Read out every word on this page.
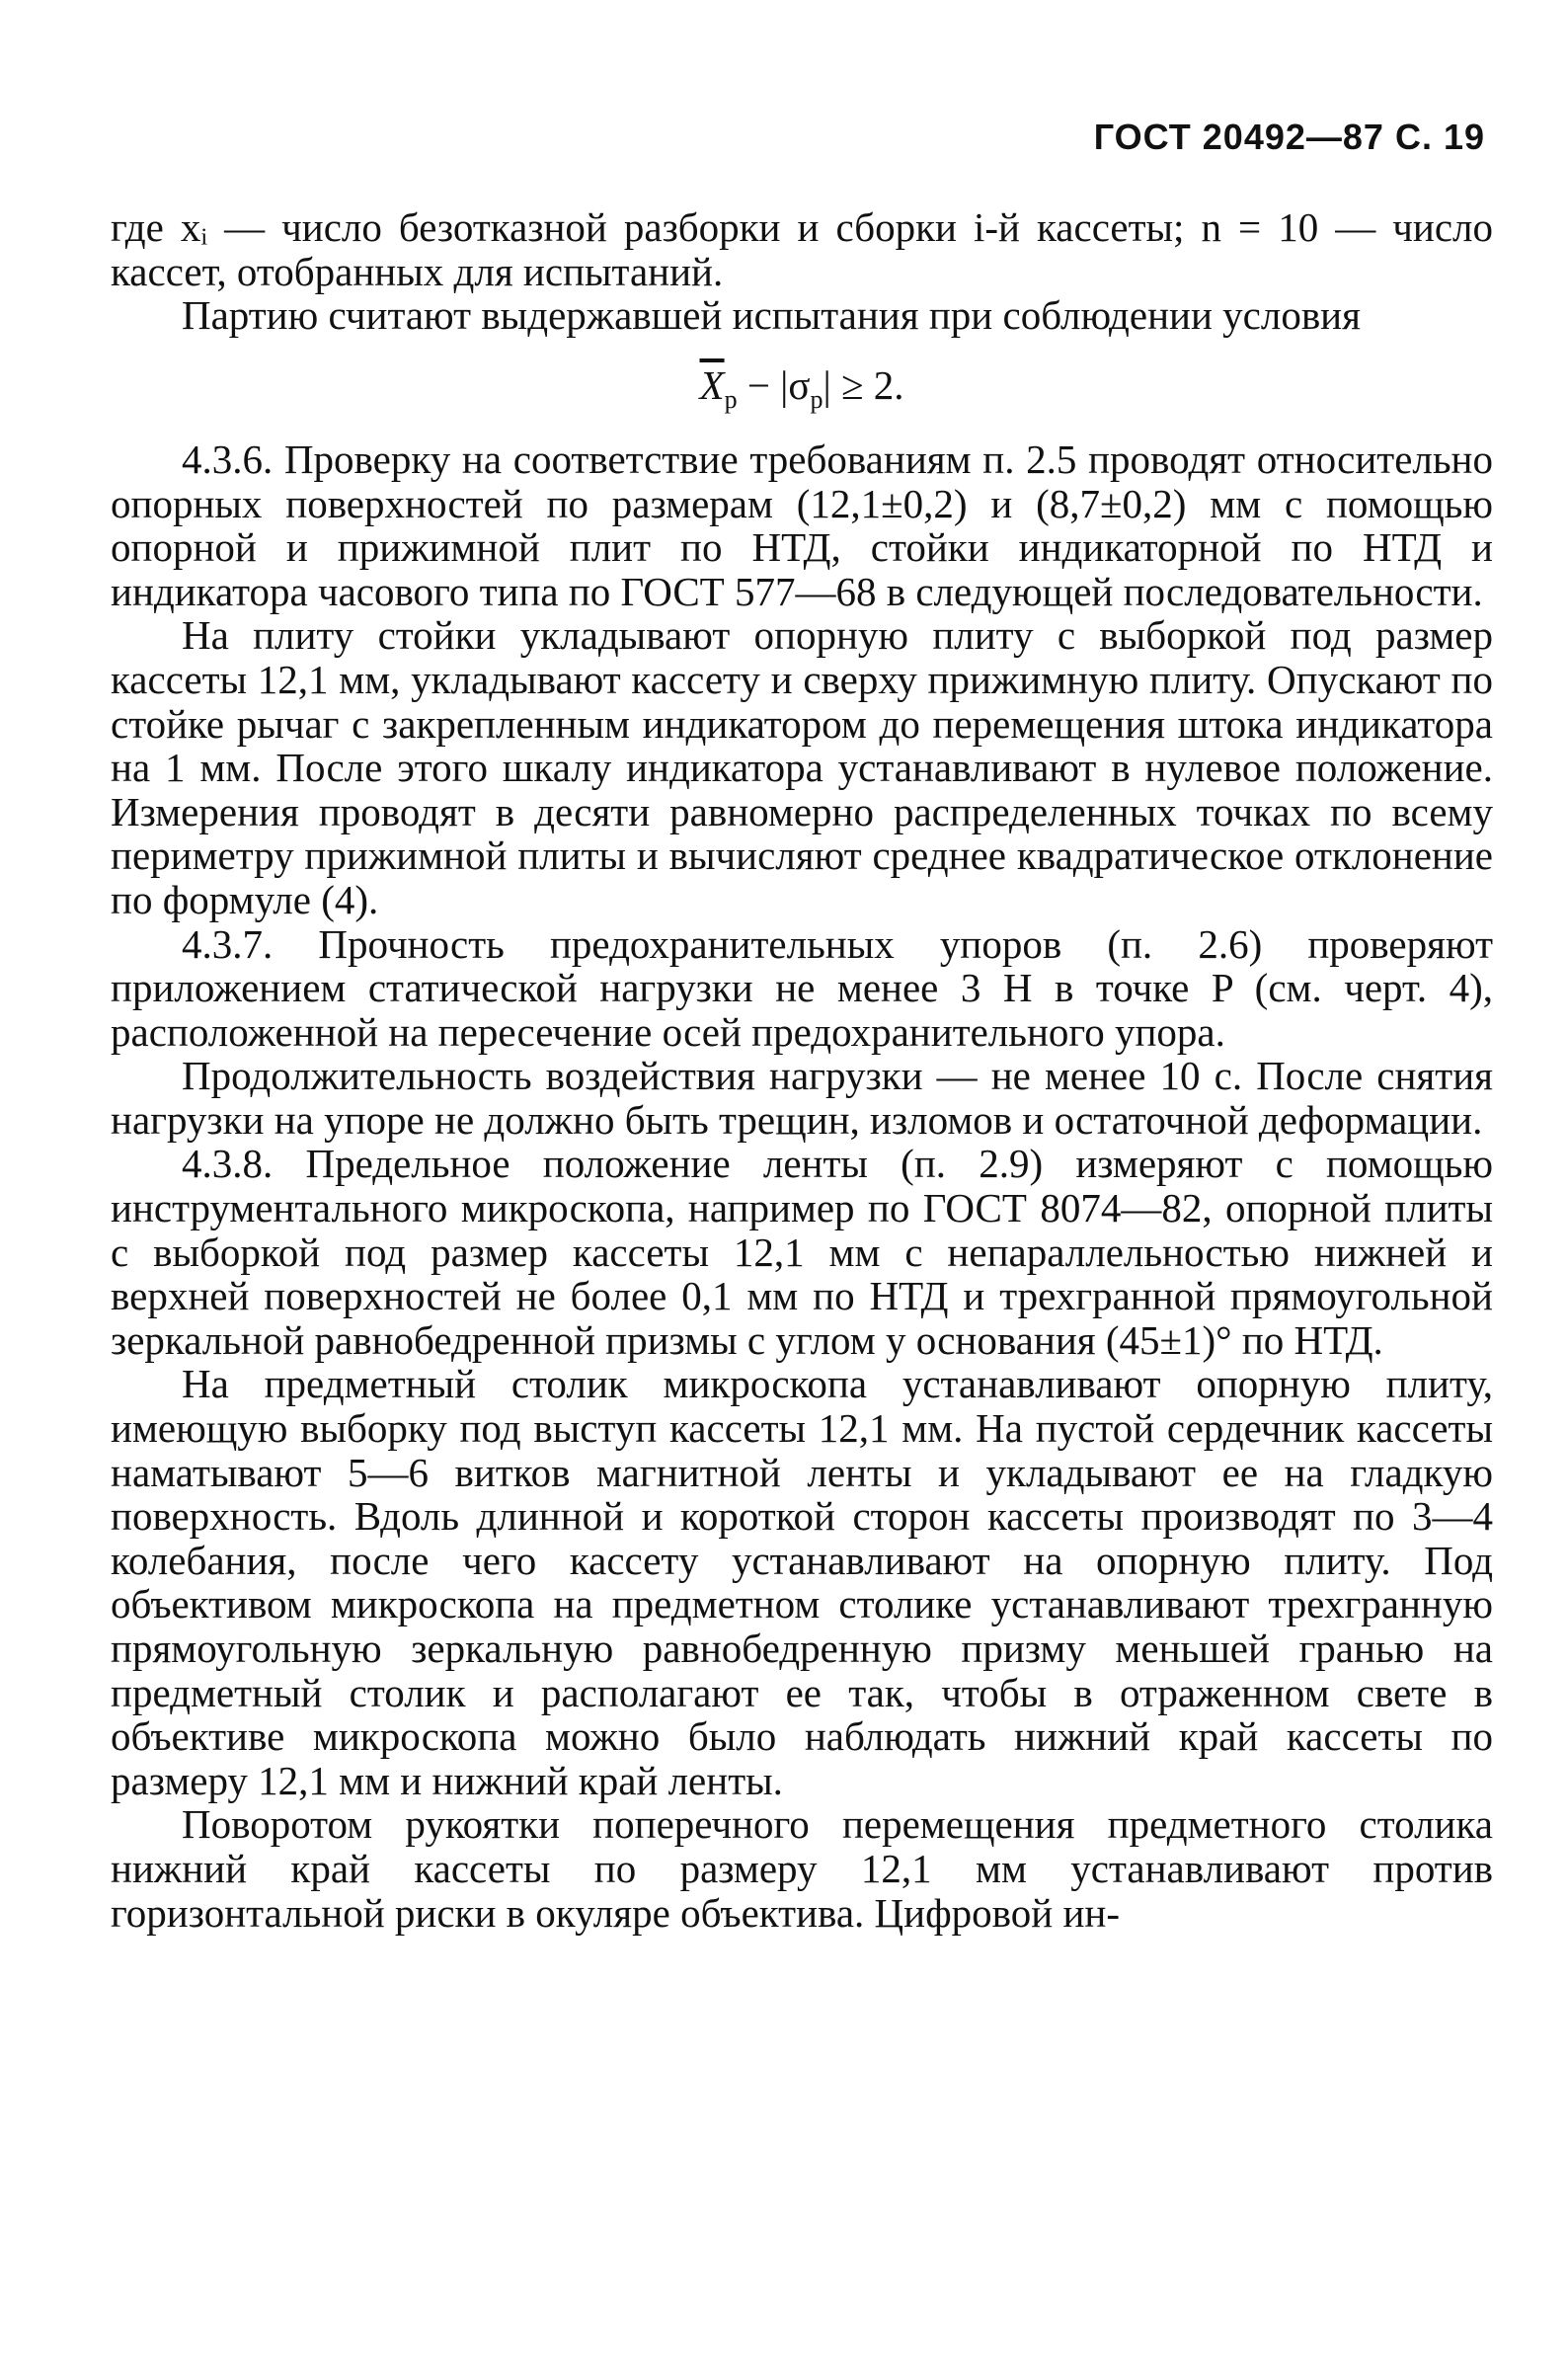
ГОСТ 20492—87 С. 19

где xᵢ — число безотказной разборки и сборки i-й кассеты; n = 10 — число кассет, отобранных для испытаний.

Партию считают выдержавшей испытания при соблюдении условия

$\overline{X}_р - |\sigma_р| \ge 2$.

4.3.6. Проверку на соответствие требованиям п. 2.5 проводят относительно опорных поверхностей по размерам (12,1±0,2) и (8,7±0,2) мм с помощью опорной и прижимной плит по НТД, стойки индикаторной по НТД и индикатора часового типа по ГОСТ 577—68 в следующей последовательности.

На плиту стойки укладывают опорную плиту с выборкой под размер кассеты 12,1 мм, укладывают кассету и сверху прижимную плиту. Опускают по стойке рычаг с закрепленным индикатором до перемещения штока индикатора на 1 мм. После этого шкалу индикатора устанавливают в нулевое положение. Измерения проводят в десяти равномерно распределенных точках по всему периметру прижимной плиты и вычисляют среднее квадратическое отклонение по формуле (4).

4.3.7. Прочность предохранительных упоров (п. 2.6) проверяют приложением статической нагрузки не менее 3 Н в точке P (см. черт. 4), расположенной на пересечение осей предохранительного упора.

Продолжительность воздействия нагрузки — не менее 10 с. После снятия нагрузки на упоре не должно быть трещин, изломов и остаточной деформации.

4.3.8. Предельное положение ленты (п. 2.9) измеряют с помощью инструментального микроскопа, например по ГОСТ 8074—82, опорной плиты с выборкой под размер кассеты 12,1 мм с непараллельностью нижней и верхней поверхностей не более 0,1 мм по НТД и трехгранной прямоугольной зеркальной равнобедренной призмы с углом у основания (45±1)° по НТД.

На предметный столик микроскопа устанавливают опорную плиту, имеющую выборку под выступ кассеты 12,1 мм. На пустой сердечник кассеты наматывают 5—6 витков магнитной ленты и укладывают ее на гладкую поверхность. Вдоль длинной и короткой сторон кассеты производят по 3—4 колебания, после чего кассету устанавливают на опорную плиту. Под объективом микроскопа на предметном столике устанавливают трехгранную прямоугольную зеркальную равнобедренную призму меньшей гранью на предметный столик и располагают ее так, чтобы в отраженном свете в объективе микроскопа можно было наблюдать нижний край кассеты по размеру 12,1 мм и нижний край ленты.

Поворотом рукоятки поперечного перемещения предметного столика нижний край кассеты по размеру 12,1 мм устанавливают против горизонтальной риски в окуляре объектива. Цифровой ин-
